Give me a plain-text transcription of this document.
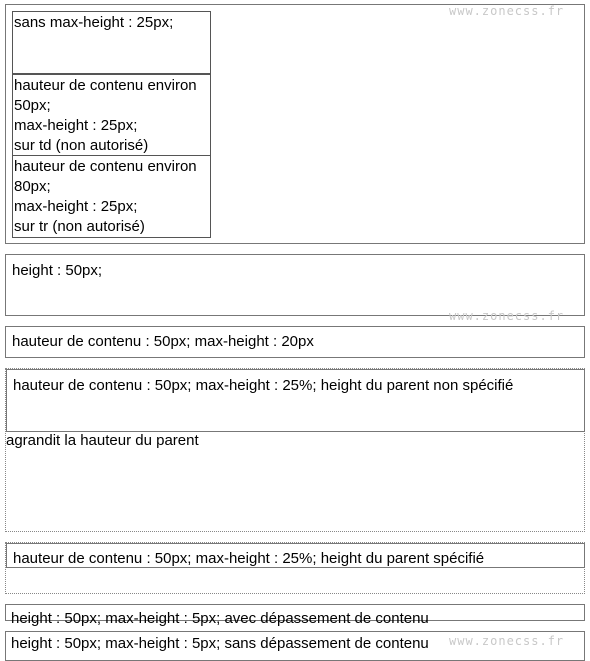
sans max-height : 25px;
hauteur de contenu environ
50px;
max-height : 25px;
sur td (non autorisé)
hauteur de contenu environ
80px;
max-height : 25px;
sur tr (non autorisé)
www.zonecss.fr
height : 50px;
www.zonecss.fr
hauteur de contenu : 50px; max-height : 20px
hauteur de contenu : 50px; max-height : 25%; height du parent non spécifié
agrandit la hauteur du parent
hauteur de contenu : 50px; max-height : 25%; height du parent spécifié
height : 50px; max-height : 5px; avec dépassement de contenu
height : 50px; max-height : 5px; sans dépassement de contenu www.zonecss.fr
